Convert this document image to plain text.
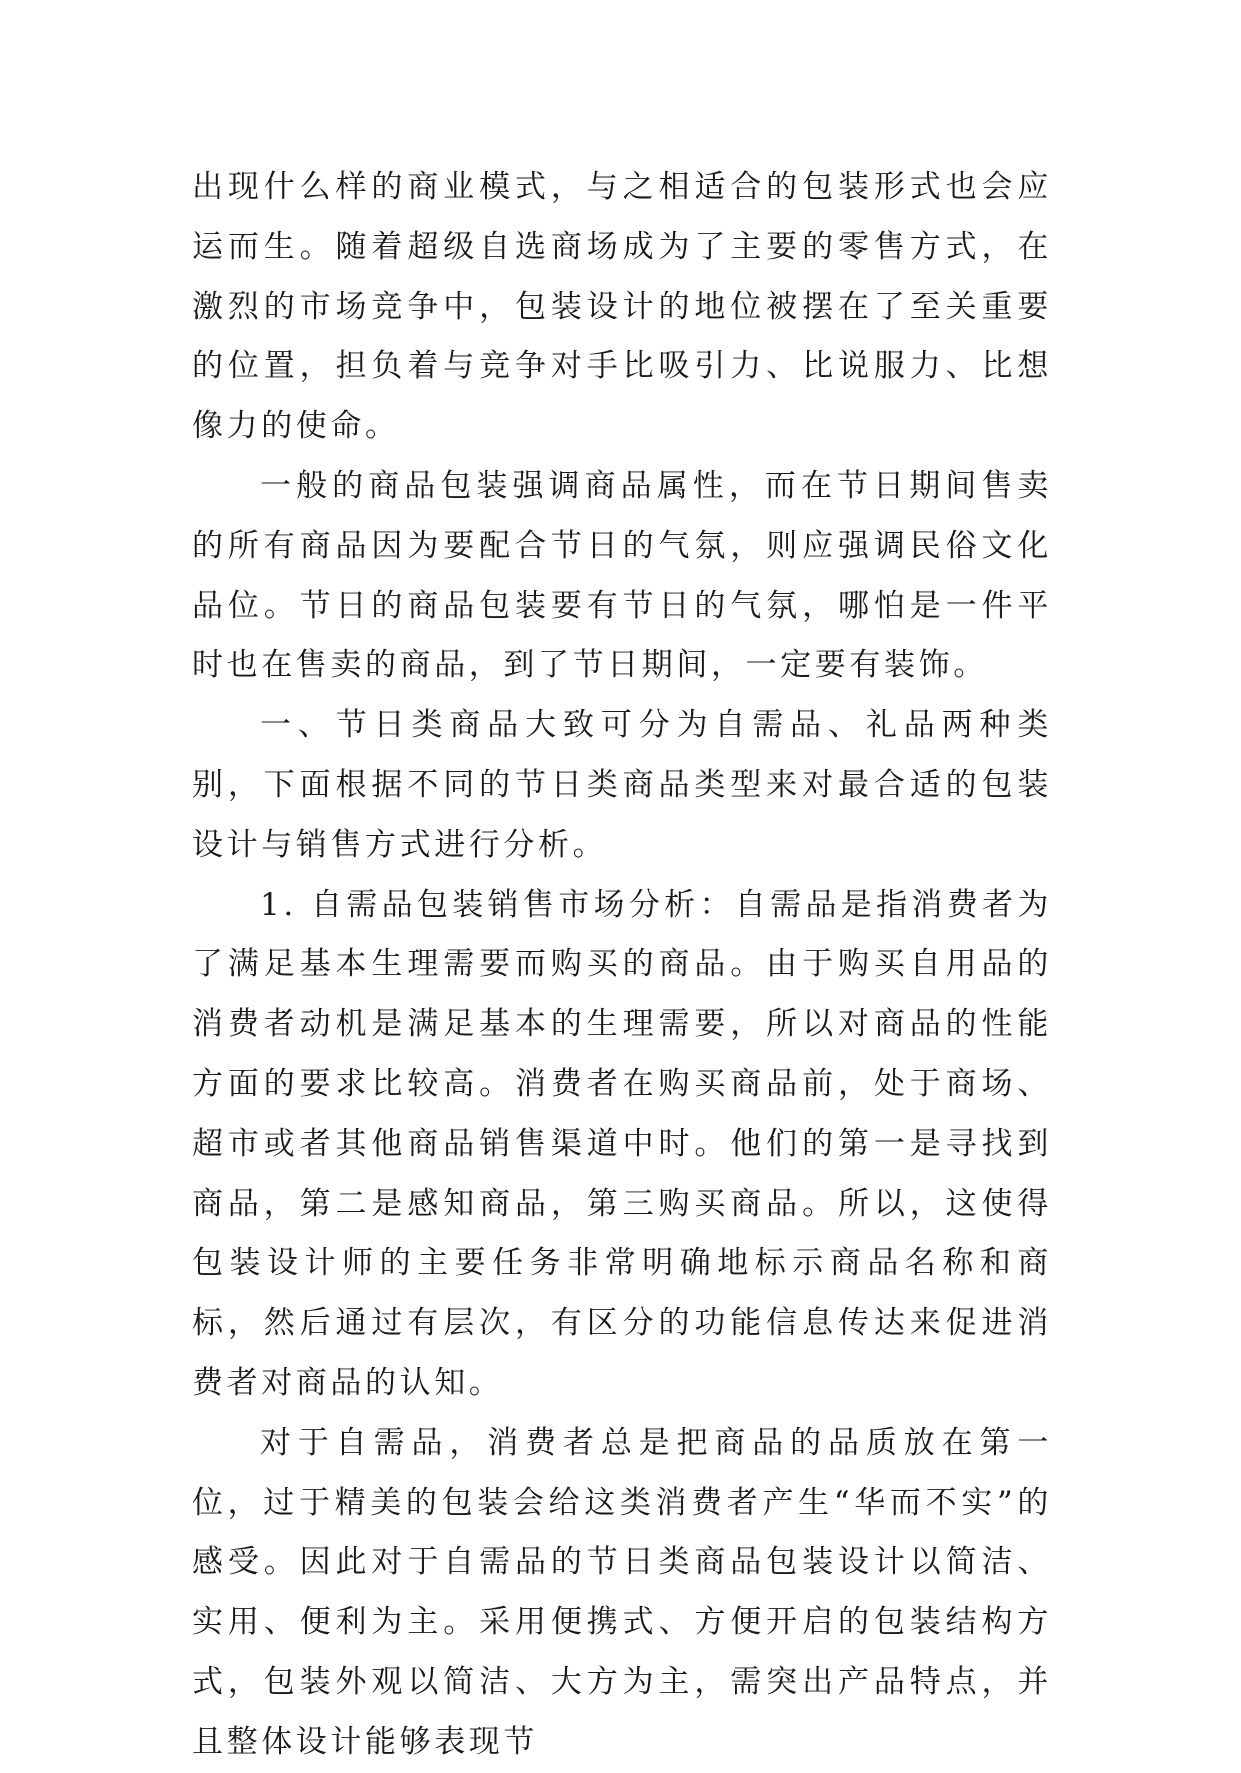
出现什么样的商业模式，与之相适合的包装形式也会应运而生。随着超级自选商场成为了主要的零售方式，在激烈的市场竞争中，包装设计的地位被摆在了至关重要的位置，担负着与竞争对手比吸引力、比说服力、比想像力的使命。

一般的商品包装强调商品属性，而在节日期间售卖的所有商品因为要配合节日的气氛，则应强调民俗文化品位。节日的商品包装要有节日的气氛，哪怕是一件平时也在售卖的商品，到了节日期间，一定要有装饰。

一、节日类商品大致可分为自需品、礼品两种类别，下面根据不同的节日类商品类型来对最合适的包装设计与销售方式进行分析。

1. 自需品包装销售市场分析：自需品是指消费者为了满足基本生理需要而购买的商品。由于购买自用品的消费者动机是满足基本的生理需要，所以对商品的性能方面的要求比较高。消费者在购买商品前，处于商场、超市或者其他商品销售渠道中时。他们的第一是寻找到商品，第二是感知商品，第三购买商品。所以，这使得包装设计师的主要任务非常明确地标示商品名称和商标，然后通过有层次，有区分的功能信息传达来促进消费者对商品的认知。

对于自需品，消费者总是把商品的品质放在第一位，过于精美的包装会给这类消费者产生“华而不实”的感受。因此对于自需品的节日类商品包装设计以简洁、实用、便利为主。采用便携式、方便开启的包装结构方式，包装外观以简洁、大方为主，需突出产品特点，并且整体设计能够表现节
